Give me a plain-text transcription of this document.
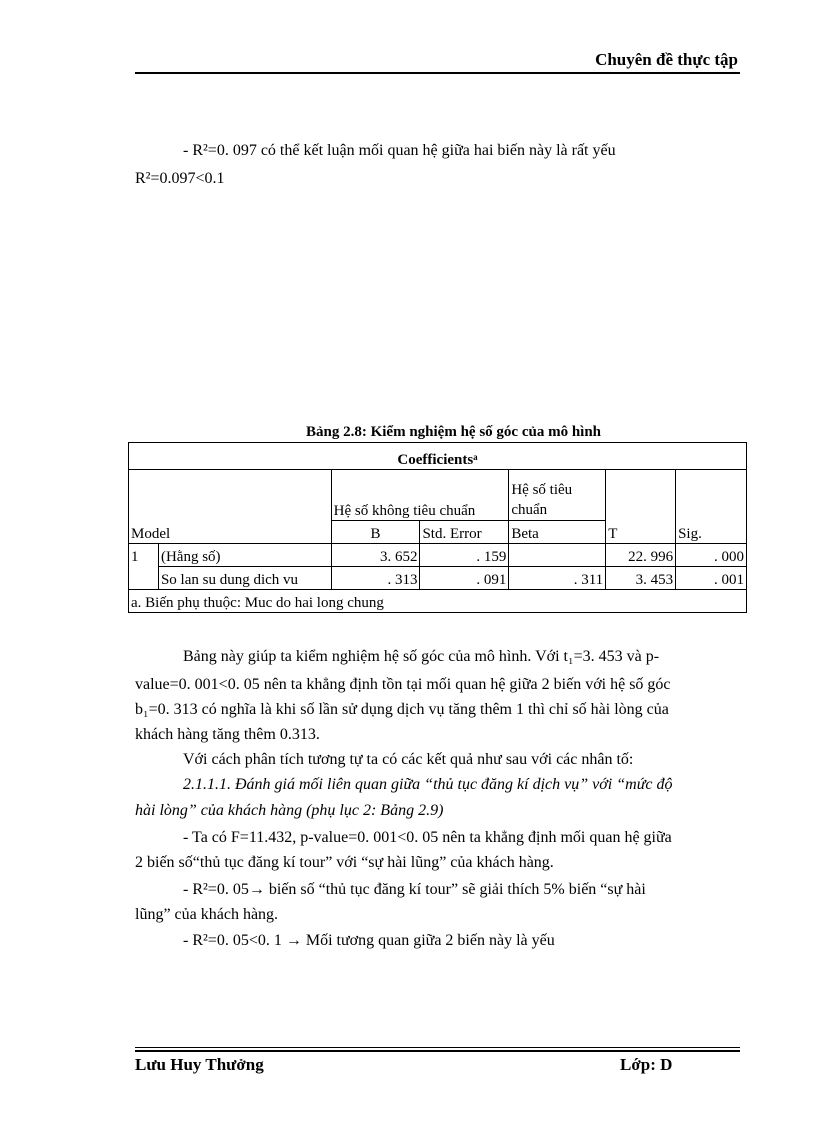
Chuyên đề thực tập
- R²=0. 097 có thể kết luận mối quan hệ giữa hai biến này là rất yếu
R²=0.097<0.1
Bảng 2.8: Kiểm nghiệm hệ số góc của mô hình
Coefficientsᵃ						

		Hệ số không tiêu chuẩn		Hệ số tiêu chuẩn		

Model		B	Std. Error	Beta	T	Sig.
1	(Hằng số)	3. 652	. 159		22. 996	. 000
	So lan su dung dich vu	. 313	. 091	. 311	3. 453	. 001
a. Biến phụ thuộc: Muc do hai long chung						
Bảng này giúp ta kiểm nghiệm hệ số góc của mô hình. Với t₁=3. 453 và p-
value=0. 001<0. 05 nên ta khẳng định tồn tại mối quan hệ giữa 2 biến với hệ số góc
b₁=0. 313 có nghĩa là khi số lần sử dụng dịch vụ tăng thêm 1 thì chỉ số hài lòng của
khách hàng tăng thêm 0.313.
Với cách phân tích tương tự ta có các kết quả như sau với các nhân tố:
2.1.1.1. Đánh giá mối liên quan giữa “thủ tục đăng kí dịch vụ” với “mức độ
hài lòng” của khách hàng (phụ lục 2: Bảng 2.9)
- Ta có F=11.432, p-value=0. 001<0. 05 nên ta khẳng định mối quan hệ giữa
2 biến số“thủ tục đăng kí tour” với “sự hài lũng” của khách hàng.
- R²=0. 05→ biến số “thủ tục đăng kí tour” sẽ giải thích 5% biến “sự hài
lũng” của khách hàng.
- R²=0. 05<0. 1 → Mối tương quan giữa 2 biến này là yếu
Lưu Huy Thưởng	Lớp: D
